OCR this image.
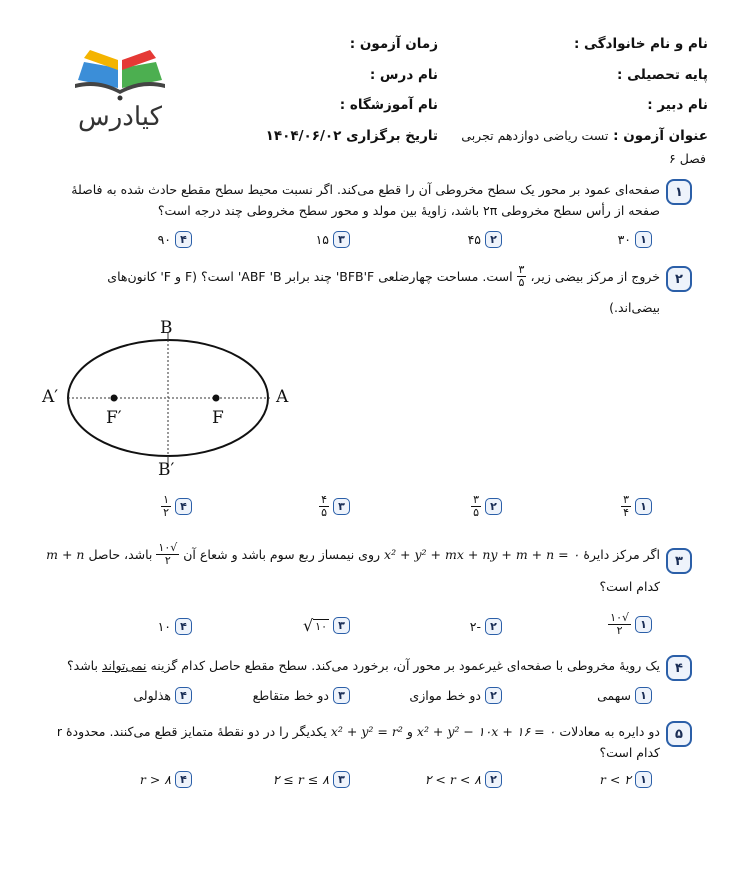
نام و نام خانوادگی :
زمان آزمون :
پایه تحصیلی :
نام درس :
نام دبیر :
نام آموزشگاه :
عنوان آزمون : تست ریاضی دوازدهم تجربی
تاریخ برگزاری ۱۴۰۴/۰۶/۰۲
فصل ۶
کیادرس
۱
صفحه‌ای عمود بر محور یک سطح مخروطی آن را قطع می‌کند. اگر نسبت محیط سطح مقطع حادث شده به فاصلهٔ
صفحه از رأس سطح مخروطی ۲π باشد، زاویهٔ بین مولد و محور سطح مخروطی چند درجه است؟
۱
۳۰
۲
۴۵
۳
۱۵
۴
۹۰
۲
خروج از مرکز بیضی زیر،
$\frac{۳}{۵}$
است. مساحت چهارضلعی BFB'F' چند برابر ABF 'B' است؟ (F و F' کانون‌های
بیضی‌اند.)
B
B′
A′	A
F′	F
۱
$\frac{۳}{۴}$
۲
$\frac{۳}{۵}$
۳
$\frac{۴}{۵}$
۴
$\frac{۱}{۲}$
۳
اگر مرکز دایرهٔ
x² + y² + mx + ny + m + n = ۰
روی نیمساز ربع سوم باشد و شعاع آن
$\frac{√۱۰}{۲}$
باشد، حاصل
m + n
کدام است؟
۱
$\frac{√۱۰}{۲}$
۲
-۲
۳
√ ۱۰
۴
۱۰
۴
یک رویهٔ مخروطی با صفحه‌ای غیرعمود بر محور آن، برخورد می‌کند. سطح مقطع حاصل کدام گزینه نمی‌تواند باشد؟
۱
سهمی
۲
دو خط موازی
۳
دو خط متقاطع
۴
هذلولی
۵
دو دایره به معادلات
x² + y² − ۱۰x + ۱۶ = ۰
و
x² + y² = r²
یکدیگر را در دو نقطهٔ متمایز قطع می‌کنند. محدودهٔ r
کدام است؟
۱
r < ۲
۲
۲ < r < ۸
۳
۲ ≤ r ≤ ۸
۴
r > ۸
